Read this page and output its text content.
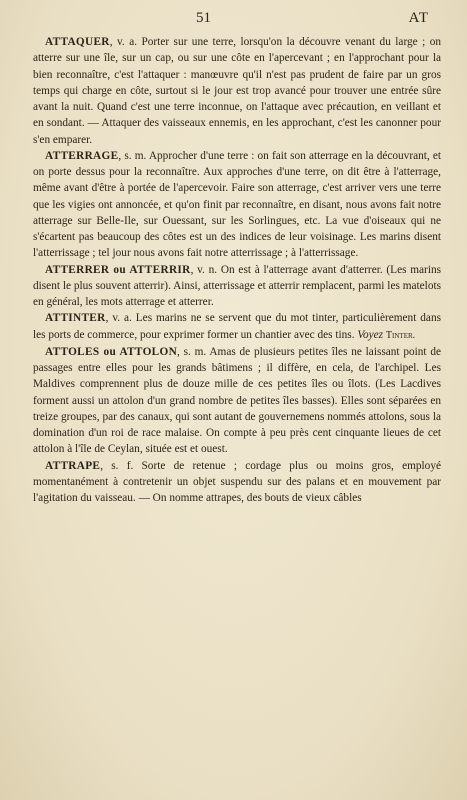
51	AT

ATTAQUER, v. a. Porter sur une terre, lorsqu'on la découvre venant du large ; on atterre sur une île, sur un cap, ou sur une côte en l'apercevant ; en l'approchant pour la bien reconnaître, c'est l'attaquer : manœuvre qu'il n'est pas prudent de faire par un gros temps qui charge en côte, surtout si le jour est trop avancé pour trouver une entrée sûre avant la nuit. Quand c'est une terre inconnue, on l'attaque avec précaution, en veillant et en sondant. — Attaquer des vaisseaux ennemis, en les approchant, c'est les canonner pour s'en emparer.

ATTERRAGE, s. m. Approcher d'une terre : on fait son atterrage en la découvrant, et on porte dessus pour la reconnaître. Aux approches d'une terre, on dit être à l'atterrage, même avant d'être à portée de l'apercevoir. Faire son atterrage, c'est arriver vers une terre que les vigies ont annoncée, et qu'on finit par reconnaître, en disant, nous avons fait notre atterrage sur Belle-Ile, sur Ouessant, sur les Sorlingues, etc. La vue d'oiseaux qui ne s'écartent pas beaucoup des côtes est un des indices de leur voisinage. Les marins disent l'atterrissage ; tel jour nous avons fait notre atterrissage ; à l'atterrissage.

ATTERRER ou ATTERRIR, v. n. On est à l'atterrage avant d'atterrer. (Les marins disent le plus souvent atterrir). Ainsi, atterrissage et atterrir remplacent, parmi les matelots en général, les mots atterrage et atterrer.

ATTINTER, v. a. Les marins ne se servent que du mot tinter, particulièrement dans les ports de commerce, pour exprimer former un chantier avec des tins. Voyez Tinter.

ATTOLES ou ATTOLON, s. m. Amas de plusieurs petites îles ne laissant point de passages entre elles pour les grands bâtimens ; il diffère, en cela, de l'archipel. Les Maldives comprennent plus de douze mille de ces petites îles ou îlots. (Les Lacdives forment aussi un attolon d'un grand nombre de petites îles basses). Elles sont séparées en treize groupes, par des canaux, qui sont autant de gouvernemens nommés attolons, sous la domination d'un roi de race malaise. On compte à peu près cent cinquante lieues de cet attolon à l'île de Ceylan, située est et ouest.

ATTRAPE, s. f. Sorte de retenue ; cordage plus ou moins gros, employé momentanément à contretenir un objet suspendu sur des palans et en mouvement par l'agitation du vaisseau. — On nomme attrapes, des bouts de vieux câbles
